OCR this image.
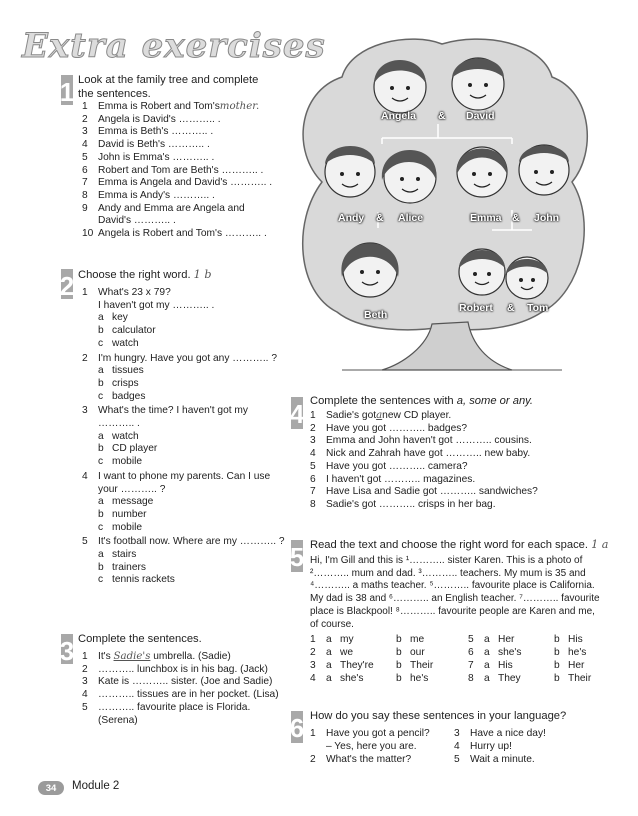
Extra exercises
1 Look at the family tree and complete
the sentences.
1	Emma is Robert and Tom's mother.
2	Angela is David's ……….. .
3	Emma is Beth's ……….. .
4	David is Beth's ……….. .
5	John is Emma's ……….. .
6	Robert and Tom are Beth's ……….. .
7	Emma is Angela and David's ……….. .
8	Emma is Andy's ……….. .
9	Andy and Emma are Angela and
David's ……….. .
10 Angela is Robert and Tom's ……….. .
2 Choose the right word. 1 b
1	What's 23 x 79?
I haven't got my ……….. .
a key
b calculator
c watch
2	I'm hungry. Have you got any ……….. ?
a tissues
b crisps
c badges
3	What's the time? I haven't got my
……….. .
a watch
b CD player
c mobile
4	I want to phone my parents. Can I use
your ……….. ?
a message
b number
c mobile
5	It's football now. Where are my ……….. ?
a stairs
b trainers
c tennis rackets
3 Complete the sentences.
1	It's Sadie's umbrella. (Sadie)
2	……….. lunchbox is in his bag. (Jack)
3	Kate is ……….. sister. (Joe and Sadie)
4	……….. tissues are in her pocket. (Lisa)
5	……….. favourite place is Florida.
(Serena)
Angela & David
Andy & Alice	Emma & John
Beth
Robert & Tom
4 Complete the sentences with a, some or any.
1	Sadie's got a new CD player.
2	Have you got ……….. badges?
3	Emma and John haven't got ……….. cousins.
4	Nick and Zahrah have got ……….. new baby.
5	Have you got ……….. camera?
6	I haven't got ……….. magazines.
7	Have Lisa and Sadie got ……….. sandwiches?
8	Sadie's got ……….. crisps in her bag.
5 Read the text and choose the right word for each space. 1 a
Hi, I'm Gill and this is ¹……….. sister Karen. This is a photo of
²……….. mum and dad. ³……….. teachers. My mum is 35 and
⁴……….. a maths teacher. ⁵……….. favourite place is California.
My dad is 38 and ⁶……….. an English teacher. ⁷……….. favourite
place is Blackpool! ⁸……….. favourite people are Karen and me,
of course.
1	a	my	b	me	5	a	Her	b	His
2	a	we	b	our	6	a	she's	b	he's
3	a	They're	b	Their	7	a	His	b	Her
4	a	she's	b	he's	8	a	They	b	Their
6 How do you say these sentences in your language?
1	Have you got a pencil?	3	Have a nice day!
	– Yes, here you are.	4	Hurry up!
2	What's the matter?	5	Wait a minute.
34	Module 2
